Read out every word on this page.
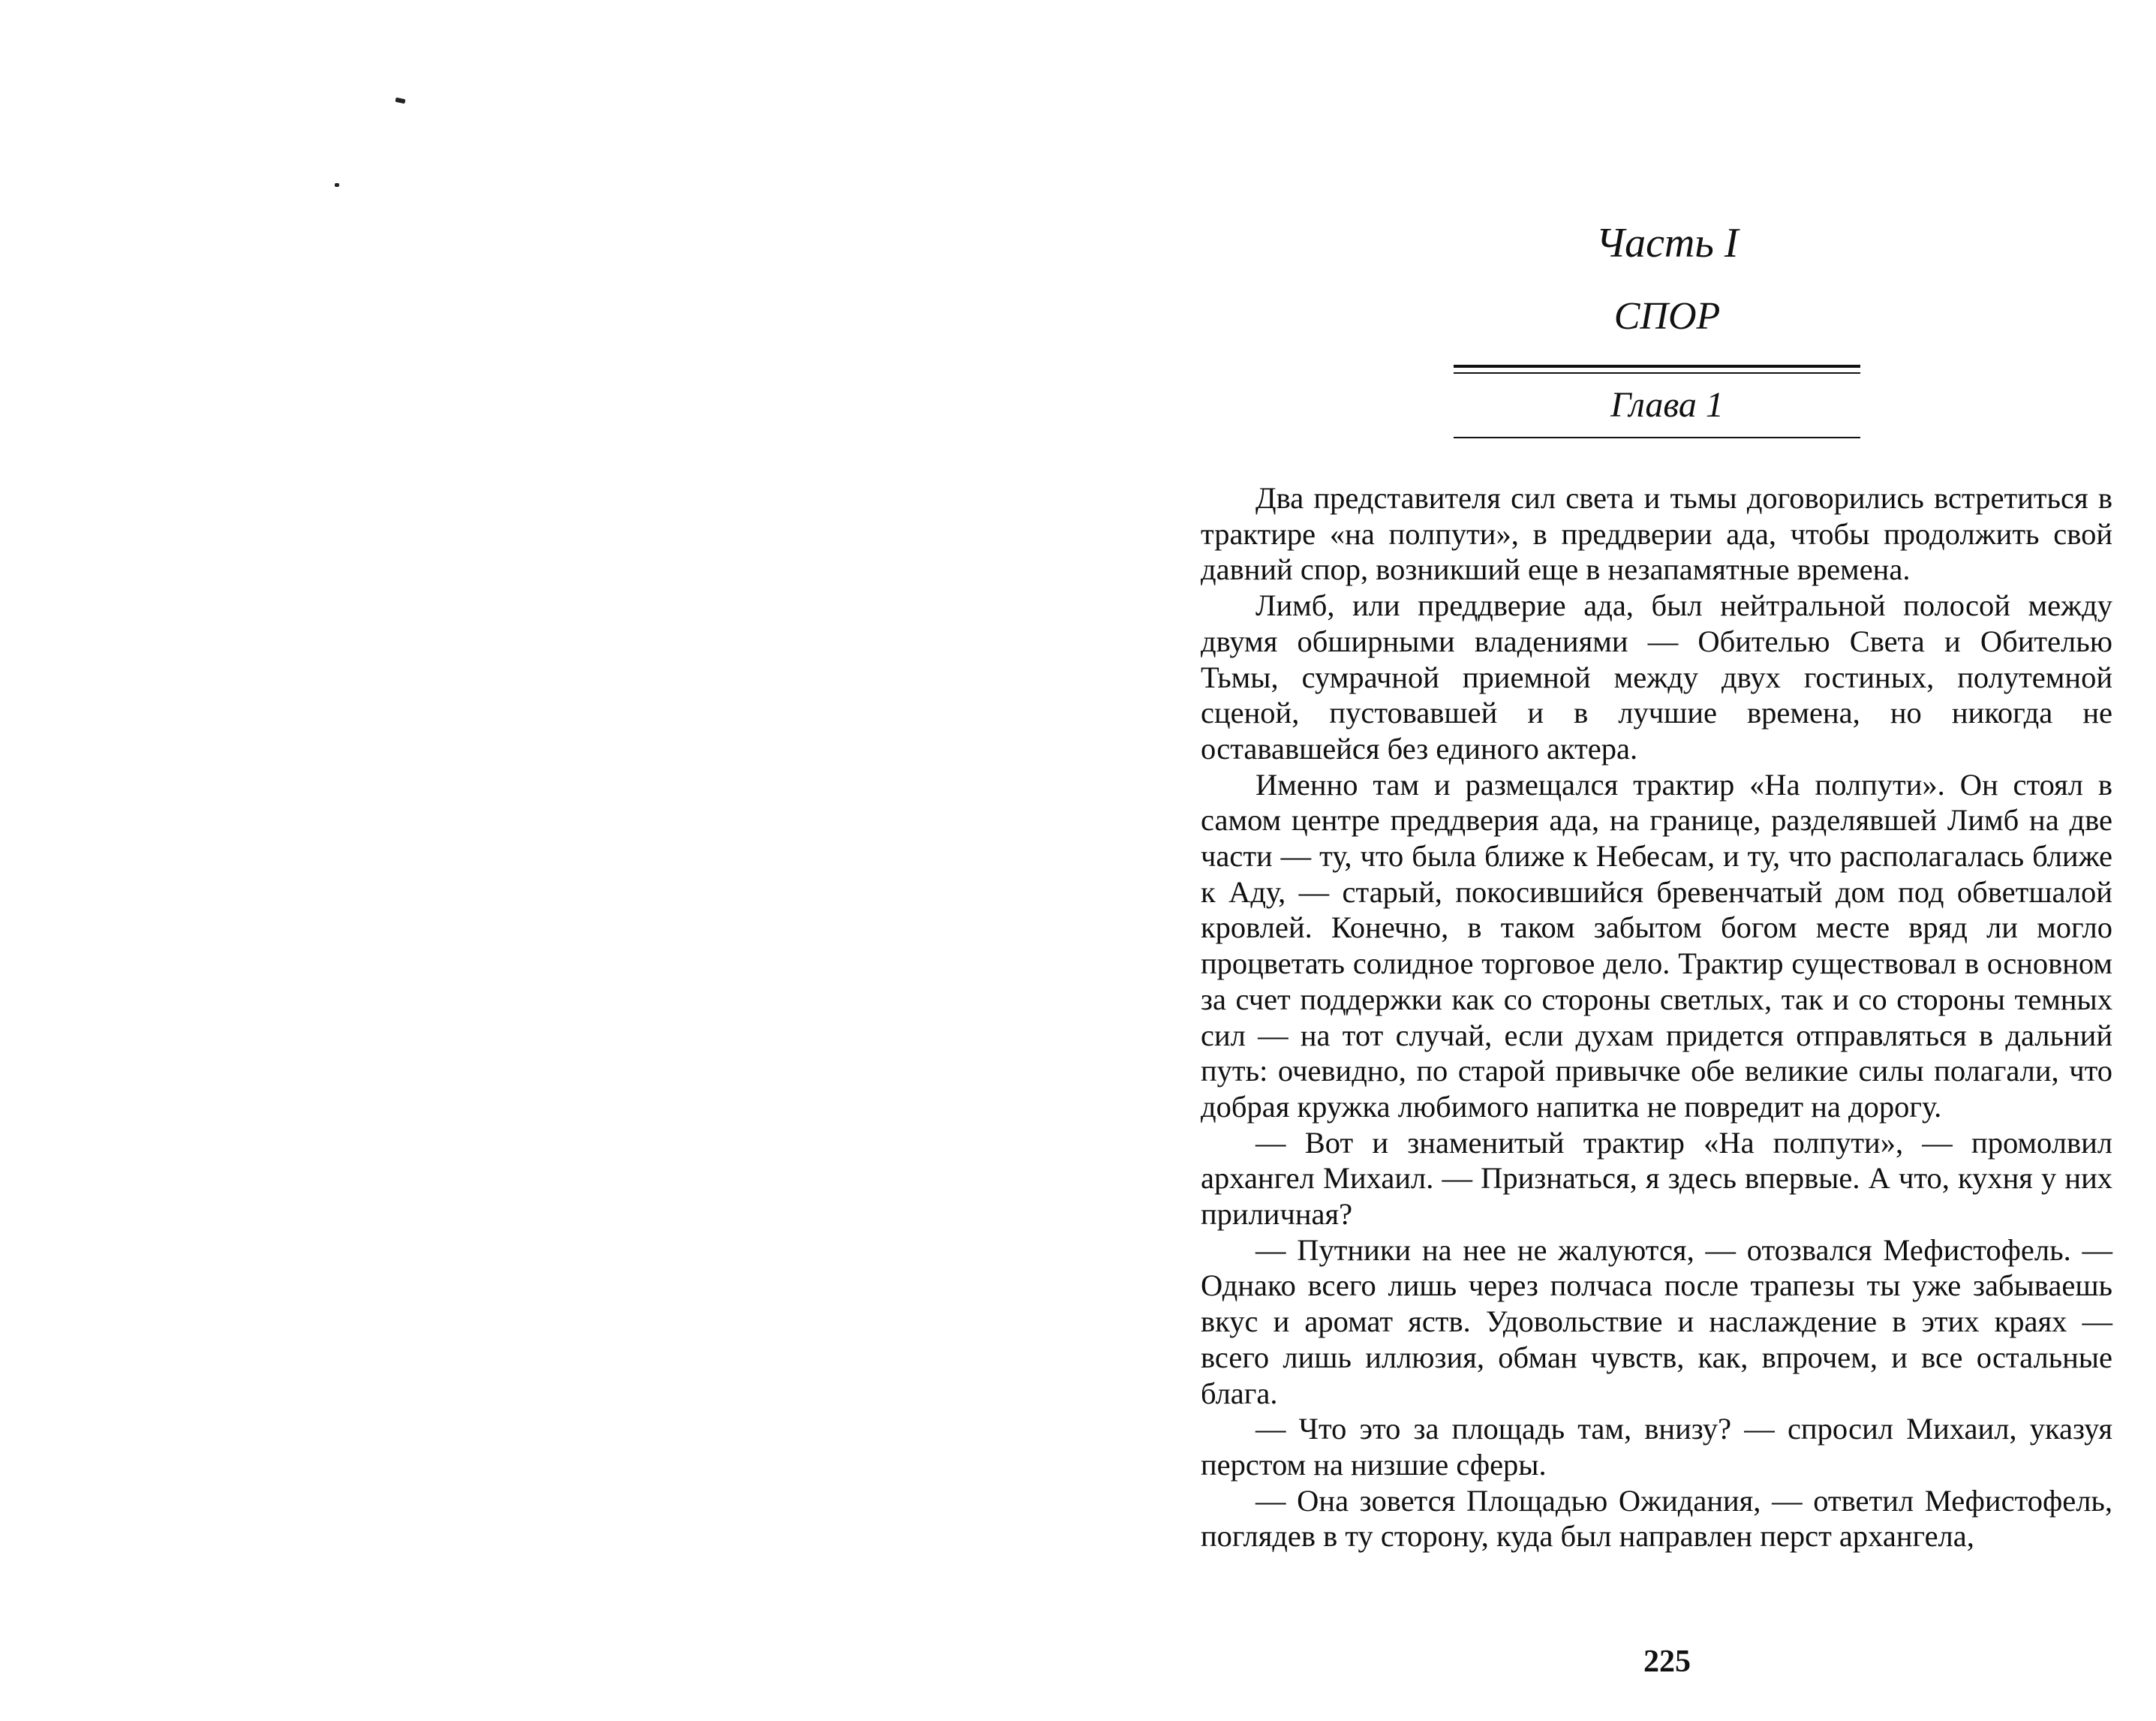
Часть I
СПОР
Глава 1

Два представителя сил света и тьмы договорились встретиться в трактире «на полпути», в преддверии ада, чтобы продолжить свой давний спор, возникший еще в незапамятные времена.

Лимб, или преддверие ада, был нейтральной полосой между двумя обширными владениями — Обителью Света и Обителью Тьмы, сумрачной приемной между двух гостиных, полутемной сценой, пустовавшей и в лучшие времена, но никогда не остававшейся без единого актера.

Именно там и размещался трактир «На полпути». Он стоял в самом центре преддверия ада, на границе, разделявшей Лимб на две части — ту, что была ближе к Небесам, и ту, что располагалась ближе к Аду, — старый, покосившийся бревенчатый дом под обветшалой кровлей. Конечно, в таком забытом богом месте вряд ли могло процветать солидное торговое дело. Трактир существовал в основном за счет поддержки как со стороны светлых, так и со стороны темных сил — на тот случай, если духам придется отправляться в дальний путь: очевидно, по старой привычке обе великие силы полагали, что добрая кружка любимого напитка не повредит на дорогу.

— Вот и знаменитый трактир «На полпути», — промолвил архангел Михаил. — Признаться, я здесь впервые. А что, кухня у них приличная?

— Путники на нее не жалуются, — отозвался Мефистофель. — Однако всего лишь через полчаса после трапезы ты уже забываешь вкус и аромат яств. Удовольствие и наслаждение в этих краях — всего лишь иллюзия, обман чувств, как, впрочем, и все остальные блага.

— Что это за площадь там, внизу? — спросил Михаил, указуя перстом на низшие сферы.

— Она зовется Площадью Ожидания, — ответил Мефистофель, поглядев в ту сторону, куда был направлен перст архангела,

225
